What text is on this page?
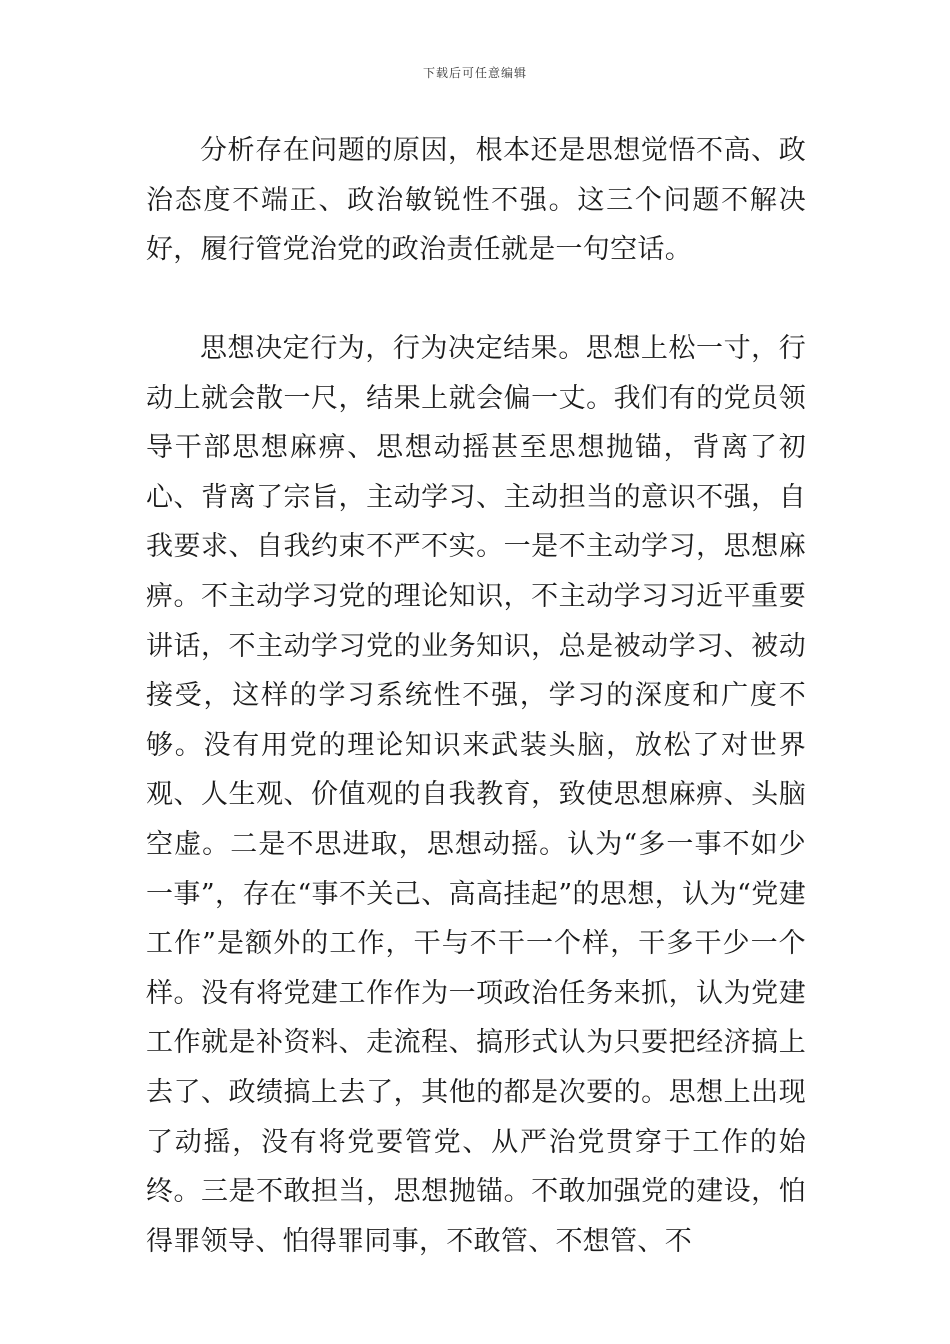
下载后可任意编辑

分析存在问题的原因，根本还是思想觉悟不高、政治态度不端正、政治敏锐性不强。这三个问题不解决好，履行管党治党的政治责任就是一句空话。

思想决定行为，行为决定结果。思想上松一寸，行动上就会散一尺，结果上就会偏一丈。我们有的党员领导干部思想麻痹、思想动摇甚至思想抛锚，背离了初心、背离了宗旨，主动学习、主动担当的意识不强，自我要求、自我约束不严不实。一是不主动学习，思想麻痹。不主动学习党的理论知识，不主动学习习近平重要讲话，不主动学习党的业务知识，总是被动学习、被动接受，这样的学习系统性不强，学习的深度和广度不够。没有用党的理论知识来武装头脑，放松了对世界观、人生观、价值观的自我教育，致使思想麻痹、头脑空虚。二是不思进取，思想动摇。认为“多一事不如少一事”，存在“事不关己、高高挂起”的思想，认为“党建工作”是额外的工作，干与不干一个样，干多干少一个样。没有将党建工作作为一项政治任务来抓，认为党建工作就是补资料、走流程、搞形式认为只要把经济搞上去了、政绩搞上去了，其他的都是次要的。思想上出现了动摇，没有将党要管党、从严治党贯穿于工作的始终。三是不敢担当，思想抛锚。不敢加强党的建设，怕得罪领导、怕得罪同事，不敢管、不想管、不
